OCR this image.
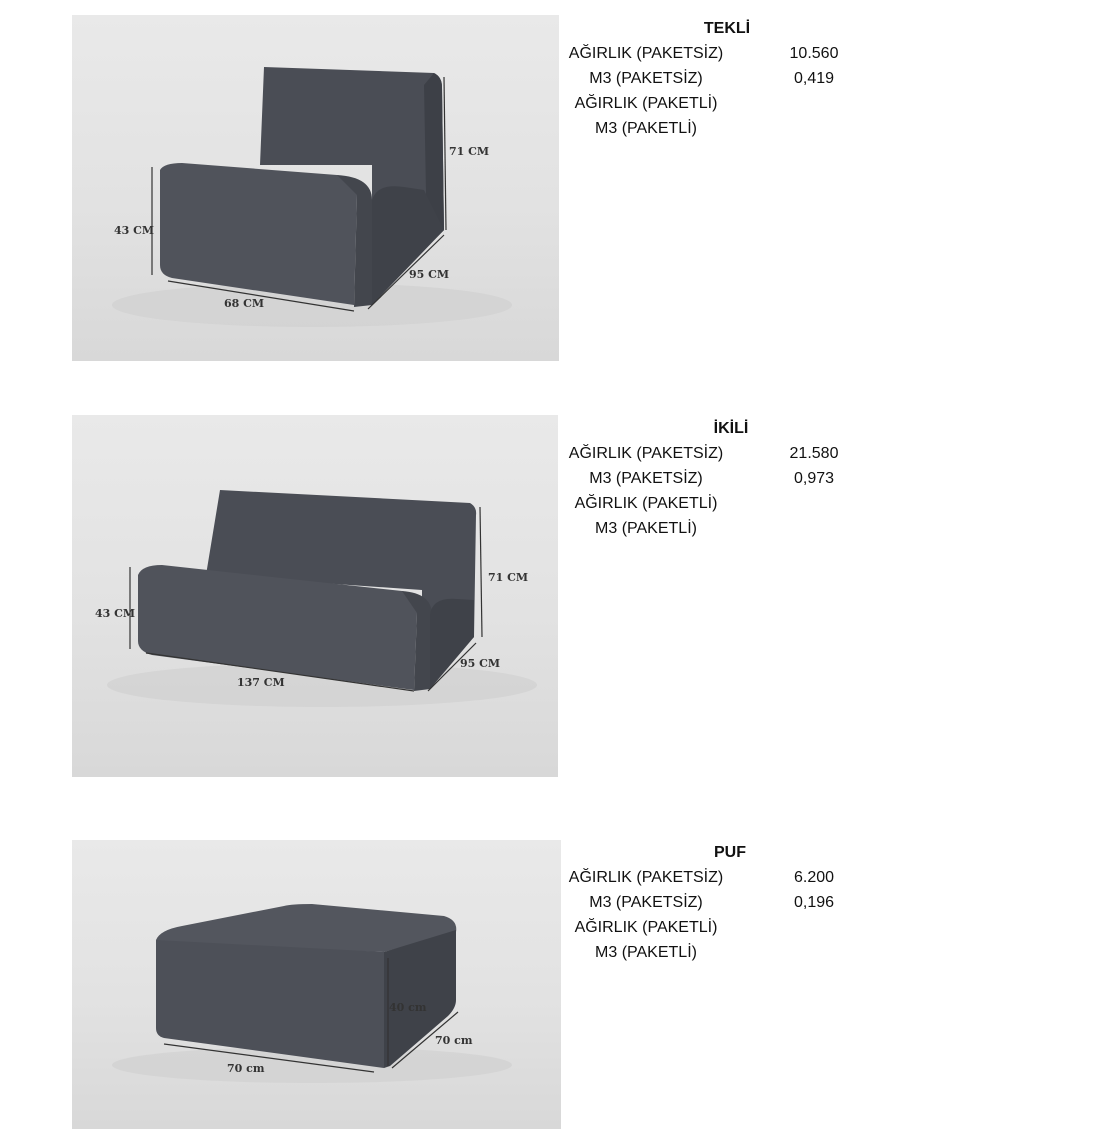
71 CM
43 CM
68 CM
95 CM
TEKLİ
AĞIRLIK (PAKETSİZ)	10.560
M3 (PAKETSİZ)	0,419
AĞIRLIK (PAKETLİ)
M3 (PAKETLİ)
71 CM
43 CM
137 CM
95 CM
İKİLİ
AĞIRLIK (PAKETSİZ)	21.580
M3 (PAKETSİZ)	0,973
AĞIRLIK (PAKETLİ)
M3 (PAKETLİ)
40 cm
70 cm
70 cm
PUF
AĞIRLIK (PAKETSİZ)	6.200
M3 (PAKETSİZ)	0,196
AĞIRLIK (PAKETLİ)
M3 (PAKETLİ)
